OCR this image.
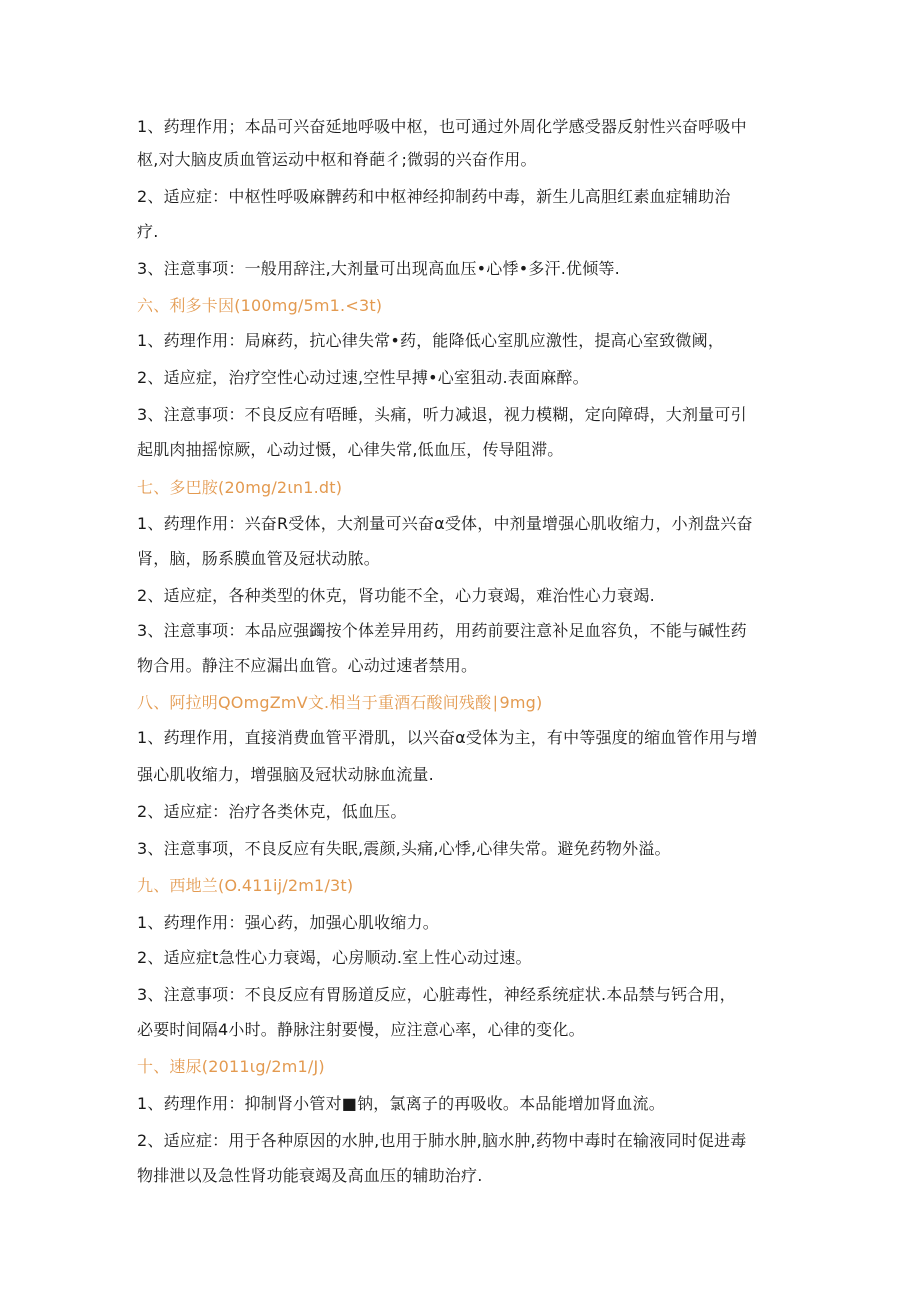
1、药理作用；本品可兴奋延地呼吸中枢，也可通过外周化学感受器反射性兴奋呼吸中
枢,对大脑皮质血管运动中枢和脊葩彳;微弱的兴奋作用。
2、适应症：中枢性呼吸麻髀药和中枢神经抑制药中毒，新生儿高胆红素血症辅助治
疗.
3、注意事项：一般用辞注,大剂量可出现高血压•心悸•多汗.优倾等.
六、利多卡因(100mg∕5m1.<3t)
1、药理作用：局麻药，抗心律失常•药，能降低心室肌应激性，提高心室致微阈，
2、适应症，治疗空性心动过速,空性早搏•心室狙动.表面麻醉。
3、注意事项：不良反应有唔睡，头痛，听力减退，视力模糊，定向障碍，大剂量可引
起肌肉抽摇惊厥，心动过慑，心律失常,低血压，传导阻滞。
七、多巴胺(20mg∕2ιn1.dt)
1、药理作用：兴奋R受体，大剂量可兴奋α受体，中剂量增强心肌收缩力，小剂盘兴奋
肾，脑，肠系膜血管及冠状动脓。
2、适应症，各种类型的休克，肾功能不全，心力衰竭，难治性心力衰竭.
3、注意事项：本品应强蠲按个体差异用药，用药前要注意补足血容负，不能与碱性药
物合用。静注不应漏出血管。心动过速者禁用。
八、阿拉明QOmgZmV文.相当于重酒石酸间残酸∣9mg)
1、药理作用，直接消费血管平滑肌，以兴奋α受体为主，有中等强度的缩血管作用与增
强心肌收缩力，增强脑及冠状动脉血流量.
2、适应症：治疗各类休克，低血压。
3、注意事项，不良反应有失眠,震颜,头痛,心悸,心律失常。避免药物外溢。
九、西地兰(O.411ij∕2m1∕3t)
1、药理作用：强心药，加强心肌收缩力。
2、适应症t急性心力衰竭，心房顺动.室上性心动过速。
3、注意事项：不良反应有胃肠道反应，心脏毒性，神经系统症状.本品禁与钙合用，
必要时间隔4小时。静脉注射要慢，应注意心率，心律的变化。
十、速尿(2011ιg∕2m1∕J)
1、药理作用：抑制肾小管对■钠，氯离子的再吸收。本品能增加肾血流。
2、适应症：用于各种原因的水肿,也用于肺水肿,脑水肿,药物中毒时在输液同时促进毒
物排泄以及急性肾功能衰竭及高血压的辅助治疗.
